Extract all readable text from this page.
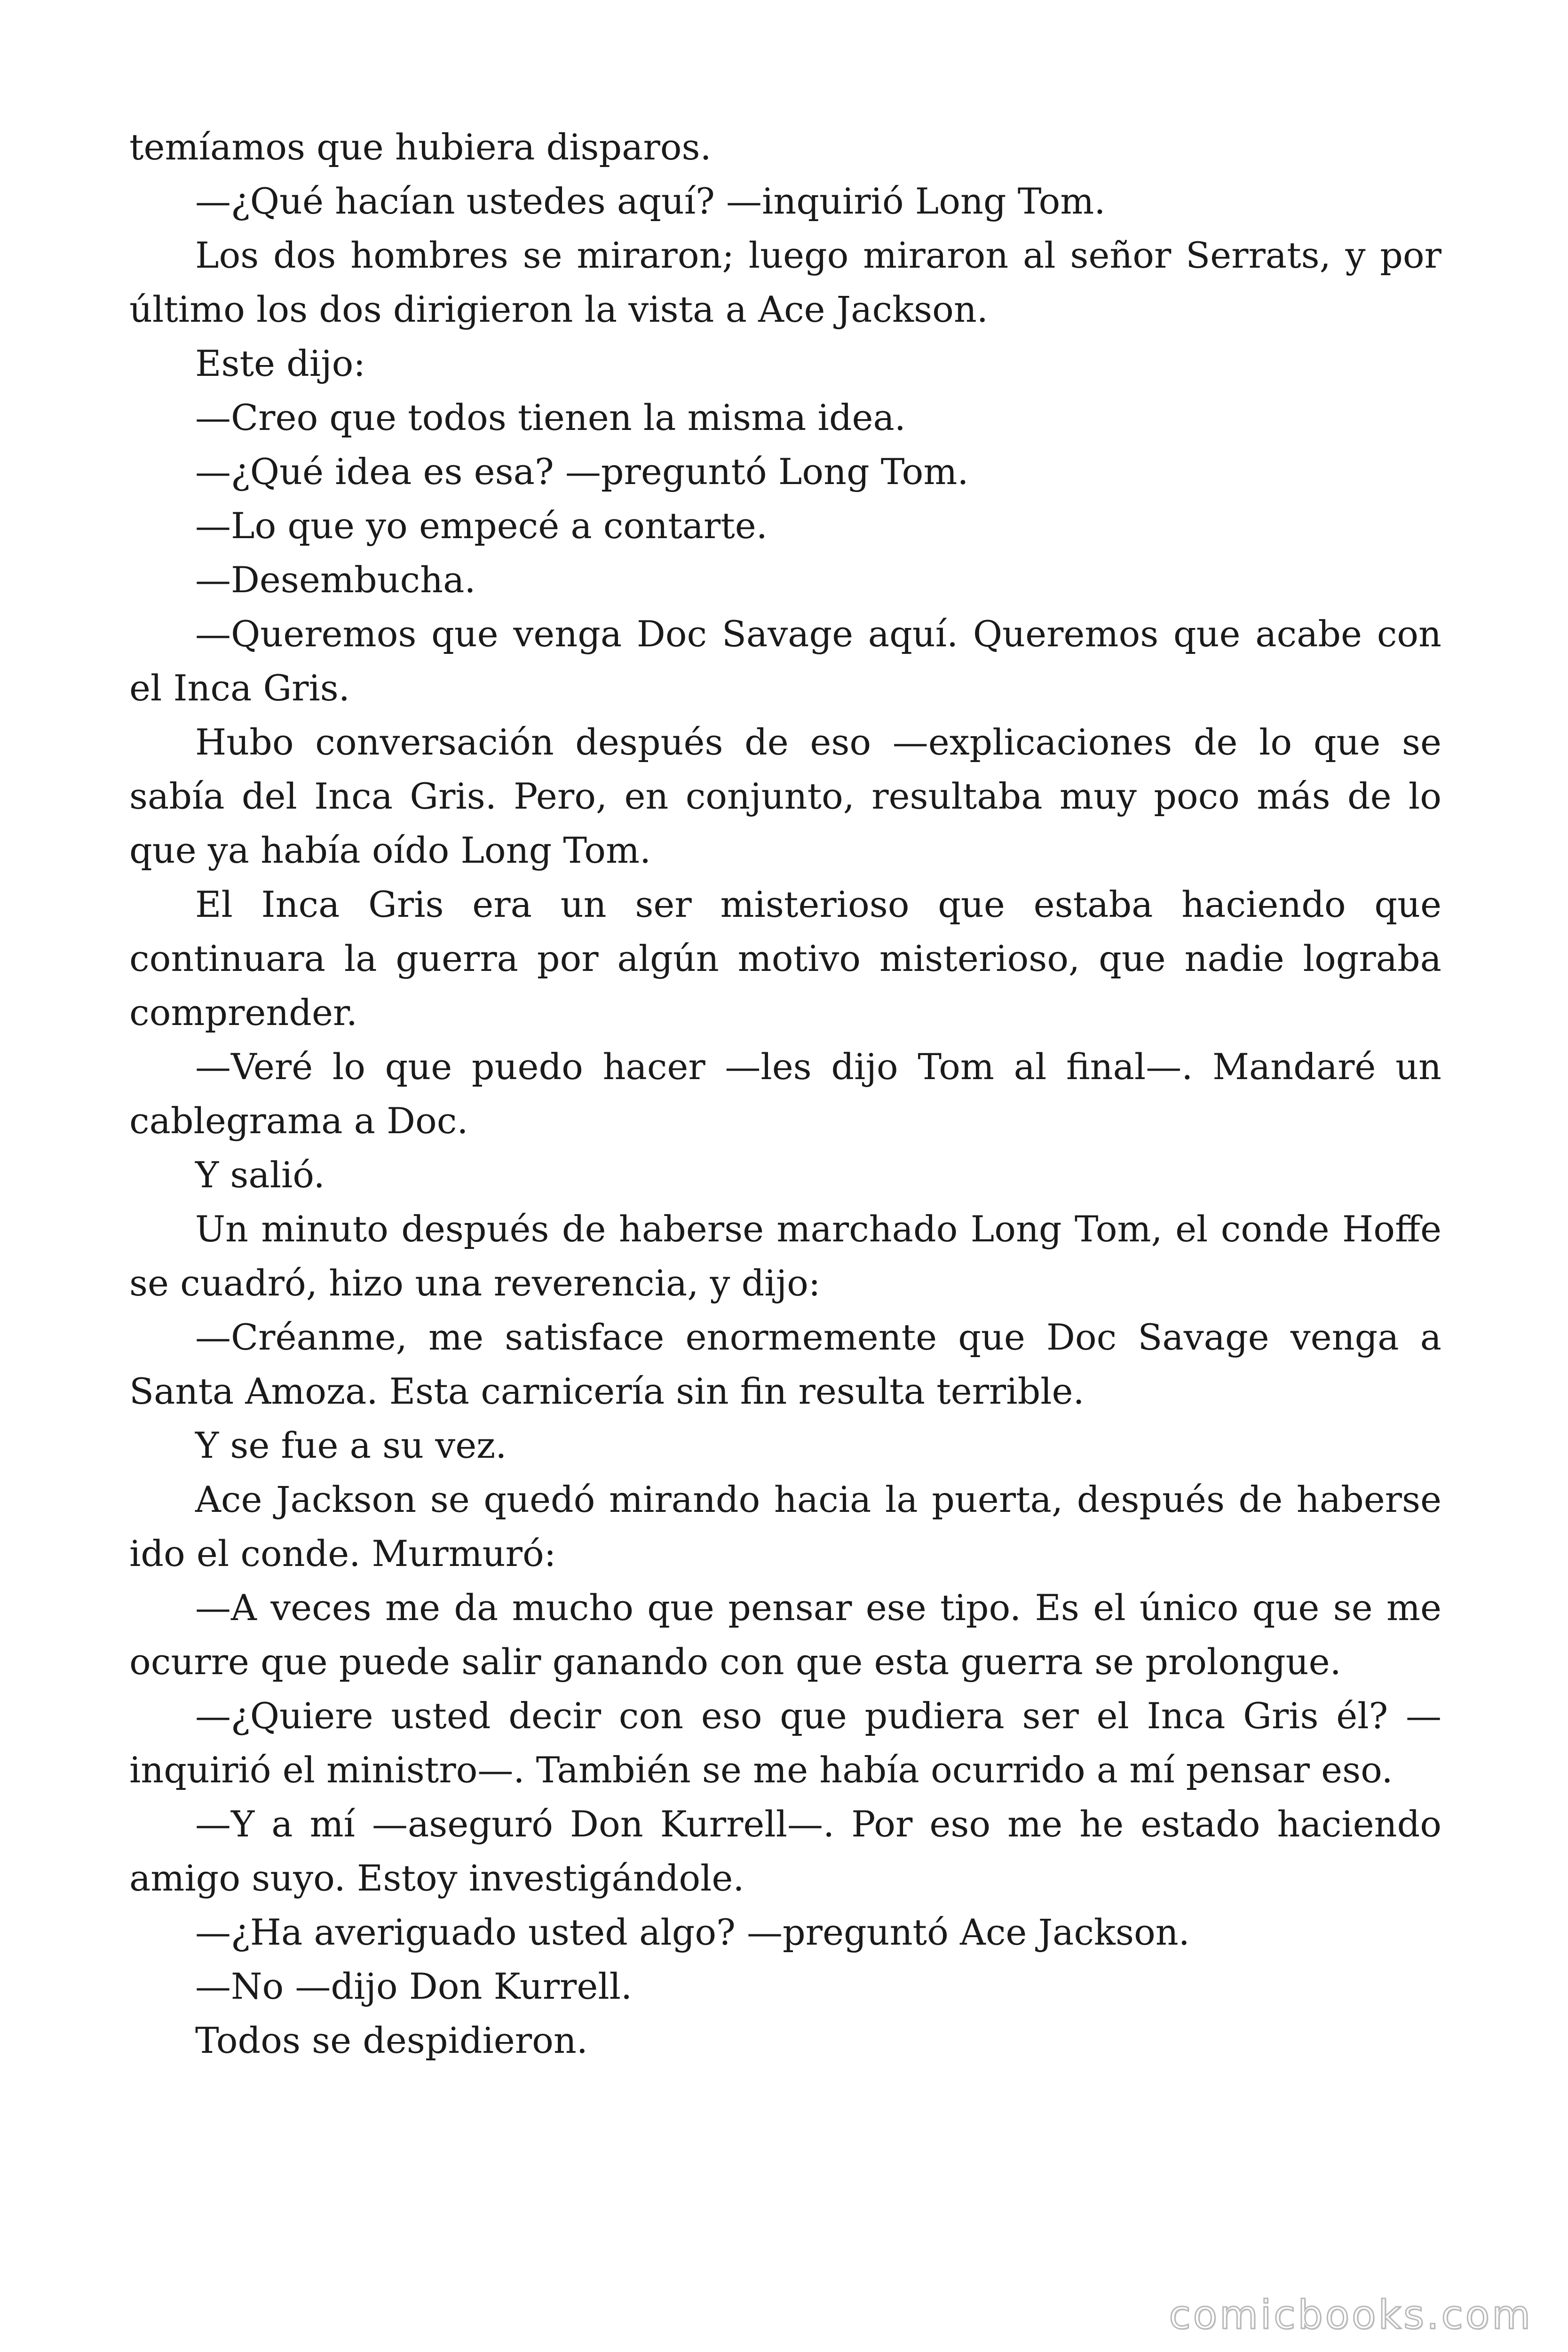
temíamos que hubiera disparos.

—¿Qué hacían ustedes aquí? —inquirió Long Tom.

Los dos hombres se miraron; luego miraron al señor Serrats, y por último los dos dirigieron la vista a Ace Jackson.

Este dijo:

—Creo que todos tienen la misma idea.

—¿Qué idea es esa? —preguntó Long Tom.

—Lo que yo empecé a contarte.

—Desembucha.

—Queremos que venga Doc Savage aquí. Queremos que acabe con el Inca Gris.

Hubo conversación después de eso —explicaciones de lo que se sabía del Inca Gris. Pero, en conjunto, resultaba muy poco más de lo que ya había oído Long Tom.

El Inca Gris era un ser misterioso que estaba haciendo que continuara la guerra por algún motivo misterioso, que nadie lograba comprender.

—Veré lo que puedo hacer —les dijo Tom al final—. Mandaré un cablegrama a Doc.

Y salió.

Un minuto después de haberse marchado Long Tom, el conde Hoffe se cuadró, hizo una reverencia, y dijo:

—Créanme, me satisface enormemente que Doc Savage venga a Santa Amoza. Esta carnicería sin fin resulta terrible.

Y se fue a su vez.

Ace Jackson se quedó mirando hacia la puerta, después de haberse ido el conde. Murmuró:

—A veces me da mucho que pensar ese tipo. Es el único que se me ocurre que puede salir ganando con que esta guerra se prolongue.

—¿Quiere usted decir con eso que pudiera ser el Inca Gris él? —inquirió el ministro—. También se me había ocurrido a mí pensar eso.

—Y a mí —aseguró Don Kurrell—. Por eso me he estado haciendo amigo suyo. Estoy investigándole.

—¿Ha averiguado usted algo? —preguntó Ace Jackson.

—No —dijo Don Kurrell.

Todos se despidieron.

comicbooks.com
